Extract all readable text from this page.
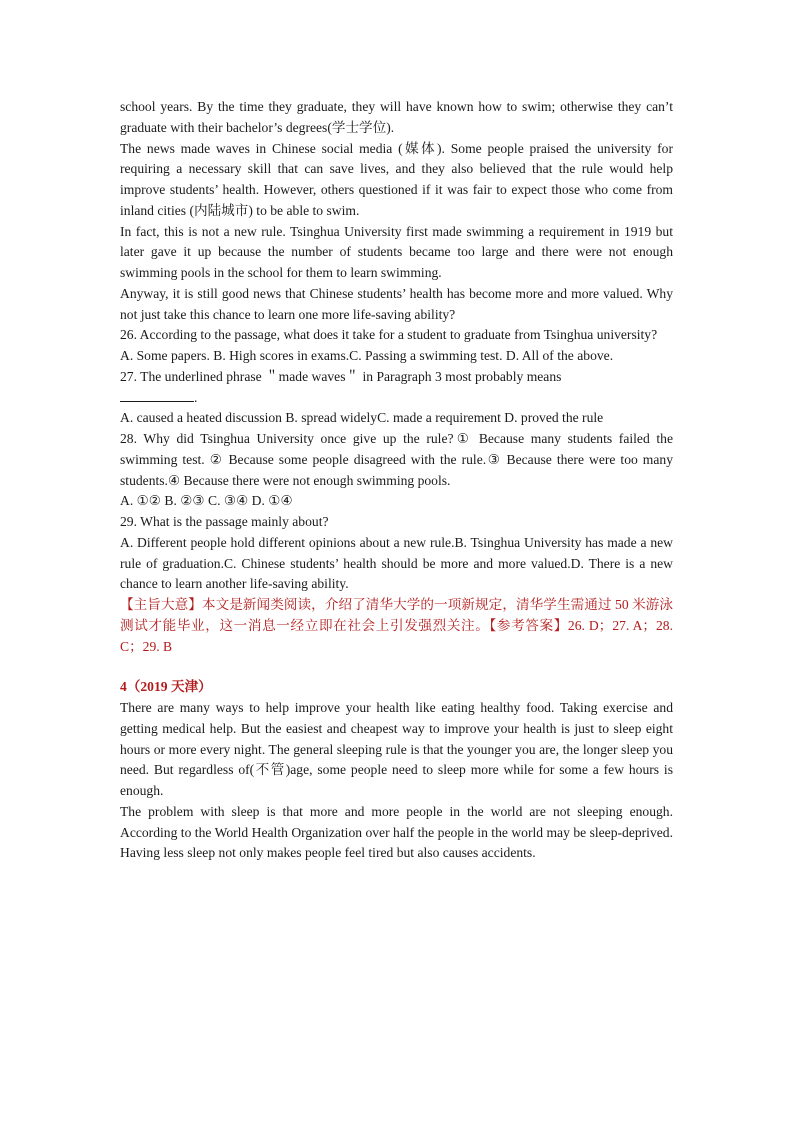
school years. By the time they graduate, they will have known how to swim; otherwise they can’t graduate with their bachelor’s degrees(学士学位).

The news made waves in Chinese social media (媒体). Some people praised the university for requiring a necessary skill that can save lives, and they also believed that the rule would help improve students’ health. However, others questioned if it was fair to expect those who come from inland cities (内陆城市) to be able to swim.

In fact, this is not a new rule. Tsinghua University first made swimming a requirement in 1919 but later gave it up because the number of students became too large and there were not enough swimming pools in the school for them to learn swimming.

Anyway, it is still good news that Chinese students’ health has become more and more valued. Why not just take this chance to learn one more life-saving ability?

26. According to the passage, what does it take for a student to graduate from Tsinghua university?

A. Some papers. B. High scores in exams.C. Passing a swimming test. D. All of the above.

27. The underlined phrase ＂made waves＂ in Paragraph 3 most probably means
.

A. caused a heated discussion B. spread widelyC. made a requirement D. proved the rule

28. Why did Tsinghua University once give up the rule?① Because many students failed the swimming test. ② Because some people disagreed with the rule.③ Because there were too many students.④ Because there were not enough swimming pools.

A. ①② B. ②③ C. ③④ D. ①④

29. What is the passage mainly about?

A. Different people hold different opinions about a new rule.B. Tsinghua University has made a new rule of graduation.C. Chinese students’ health should be more and more valued.D. There is a new chance to learn another life-saving ability.

【主旨大意】本文是新闻类阅读，介绍了清华大学的一项新规定，清华学生需通过 50 米游泳测试才能毕业，这一消息一经立即在社会上引发强烈关注。【参考答案】26. D；27. A；28. C；29. B

4（2019 天津）

There are many ways to help improve your health like eating healthy food. Taking exercise and getting medical help. But the easiest and cheapest way to improve your health is just to sleep eight hours or more every night. The general sleeping rule is that the younger you are, the longer sleep you need. But regardless of(不管)age, some people need to sleep more while for some a few hours is enough.

The problem with sleep is that more and more people in the world are not sleeping enough. According to the World Health Organization over half the people in the world may be sleep-deprived. Having less sleep not only makes people feel tired but also causes accidents.
